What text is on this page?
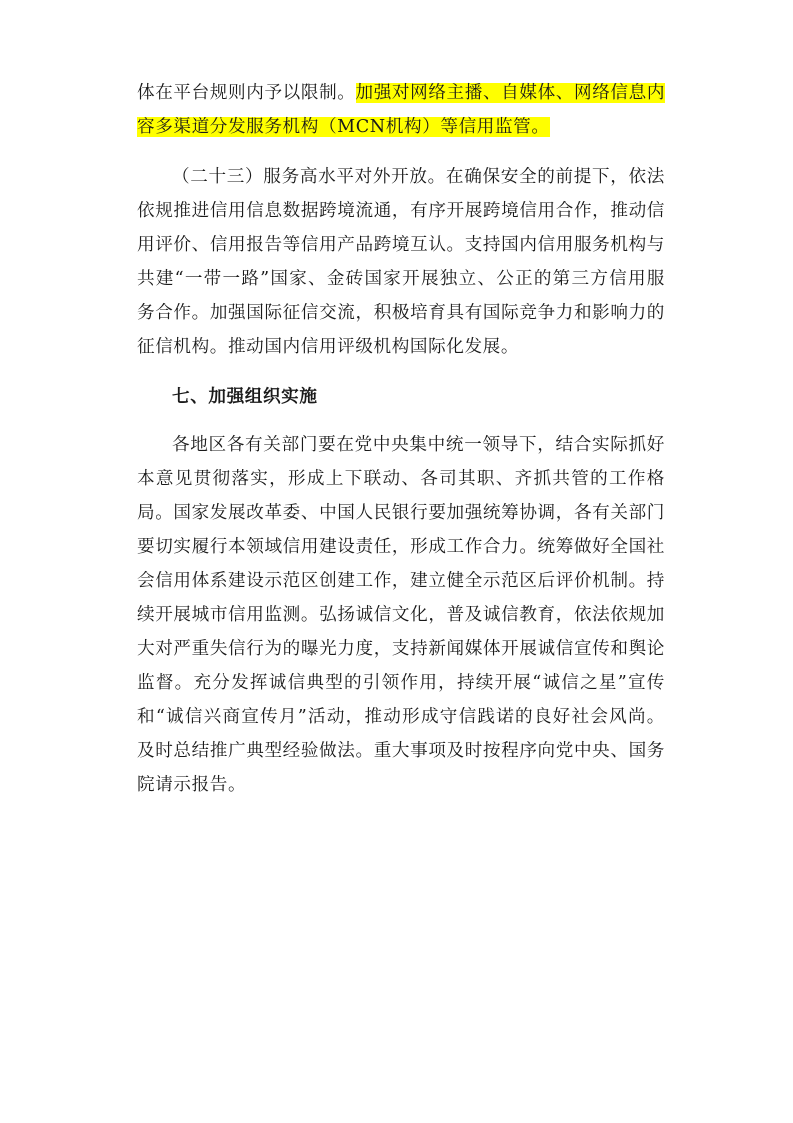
体在平台规则内予以限制。加强对网络主播、自媒体、网络信息内容多渠道分发服务机构（MCN机构）等信用监管。
（二十三）服务高水平对外开放。在确保安全的前提下，依法依规推进信用信息数据跨境流通，有序开展跨境信用合作，推动信用评价、信用报告等信用产品跨境互认。支持国内信用服务机构与共建“一带一路”国家、金砖国家开展独立、公正的第三方信用服务合作。加强国际征信交流，积极培育具有国际竞争力和影响力的征信机构。推动国内信用评级机构国际化发展。
七、加强组织实施
各地区各有关部门要在党中央集中统一领导下，结合实际抓好本意见贯彻落实，形成上下联动、各司其职、齐抓共管的工作格局。国家发展改革委、中国人民银行要加强统筹协调，各有关部门要切实履行本领域信用建设责任，形成工作合力。统筹做好全国社会信用体系建设示范区创建工作，建立健全示范区后评价机制。持续开展城市信用监测。弘扬诚信文化，普及诚信教育，依法依规加大对严重失信行为的曝光力度，支持新闻媒体开展诚信宣传和舆论监督。充分发挥诚信典型的引领作用，持续开展“诚信之星”宣传和“诚信兴商宣传月”活动，推动形成守信践诺的良好社会风尚。及时总结推广典型经验做法。重大事项及时按程序向党中央、国务院请示报告。
